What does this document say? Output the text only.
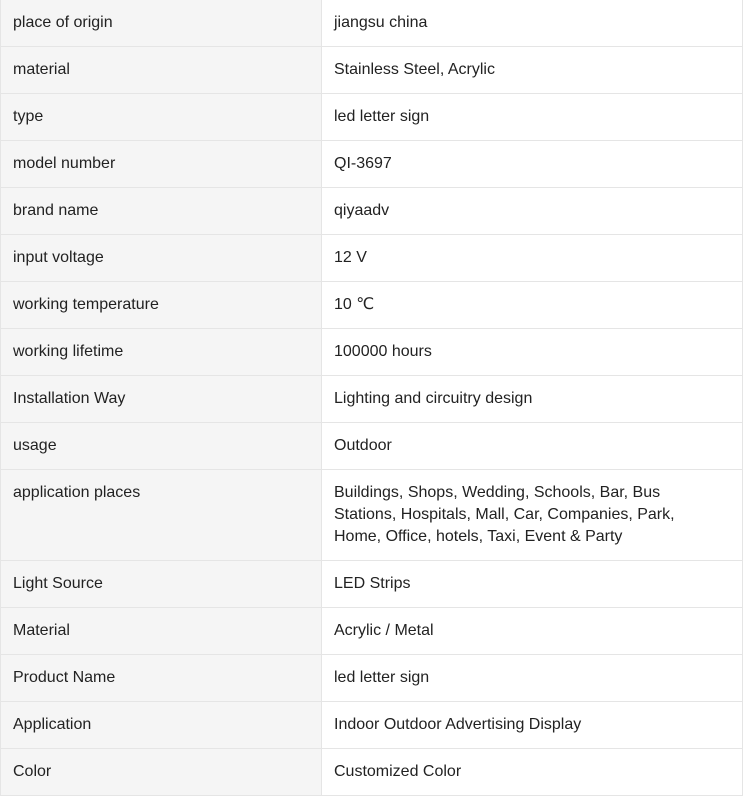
place of origin	jiangsu china
material	Stainless Steel, Acrylic
type	led letter sign
model number	QI-3697
brand name	qiyaadv
input voltage	12 V
working temperature	10 ℃
working lifetime	100000 hours
Installation Way	Lighting and circuitry design
usage	Outdoor
application places	Buildings, Shops, Wedding, Schools, Bar, Bus Stations, Hospitals, Mall, Car, Companies, Park, Home, Office, hotels, Taxi, Event & Party
Light Source	LED Strips
Material	Acrylic / Metal
Product Name	led letter sign
Application	Indoor Outdoor Advertising Display
Color	Customized Color
